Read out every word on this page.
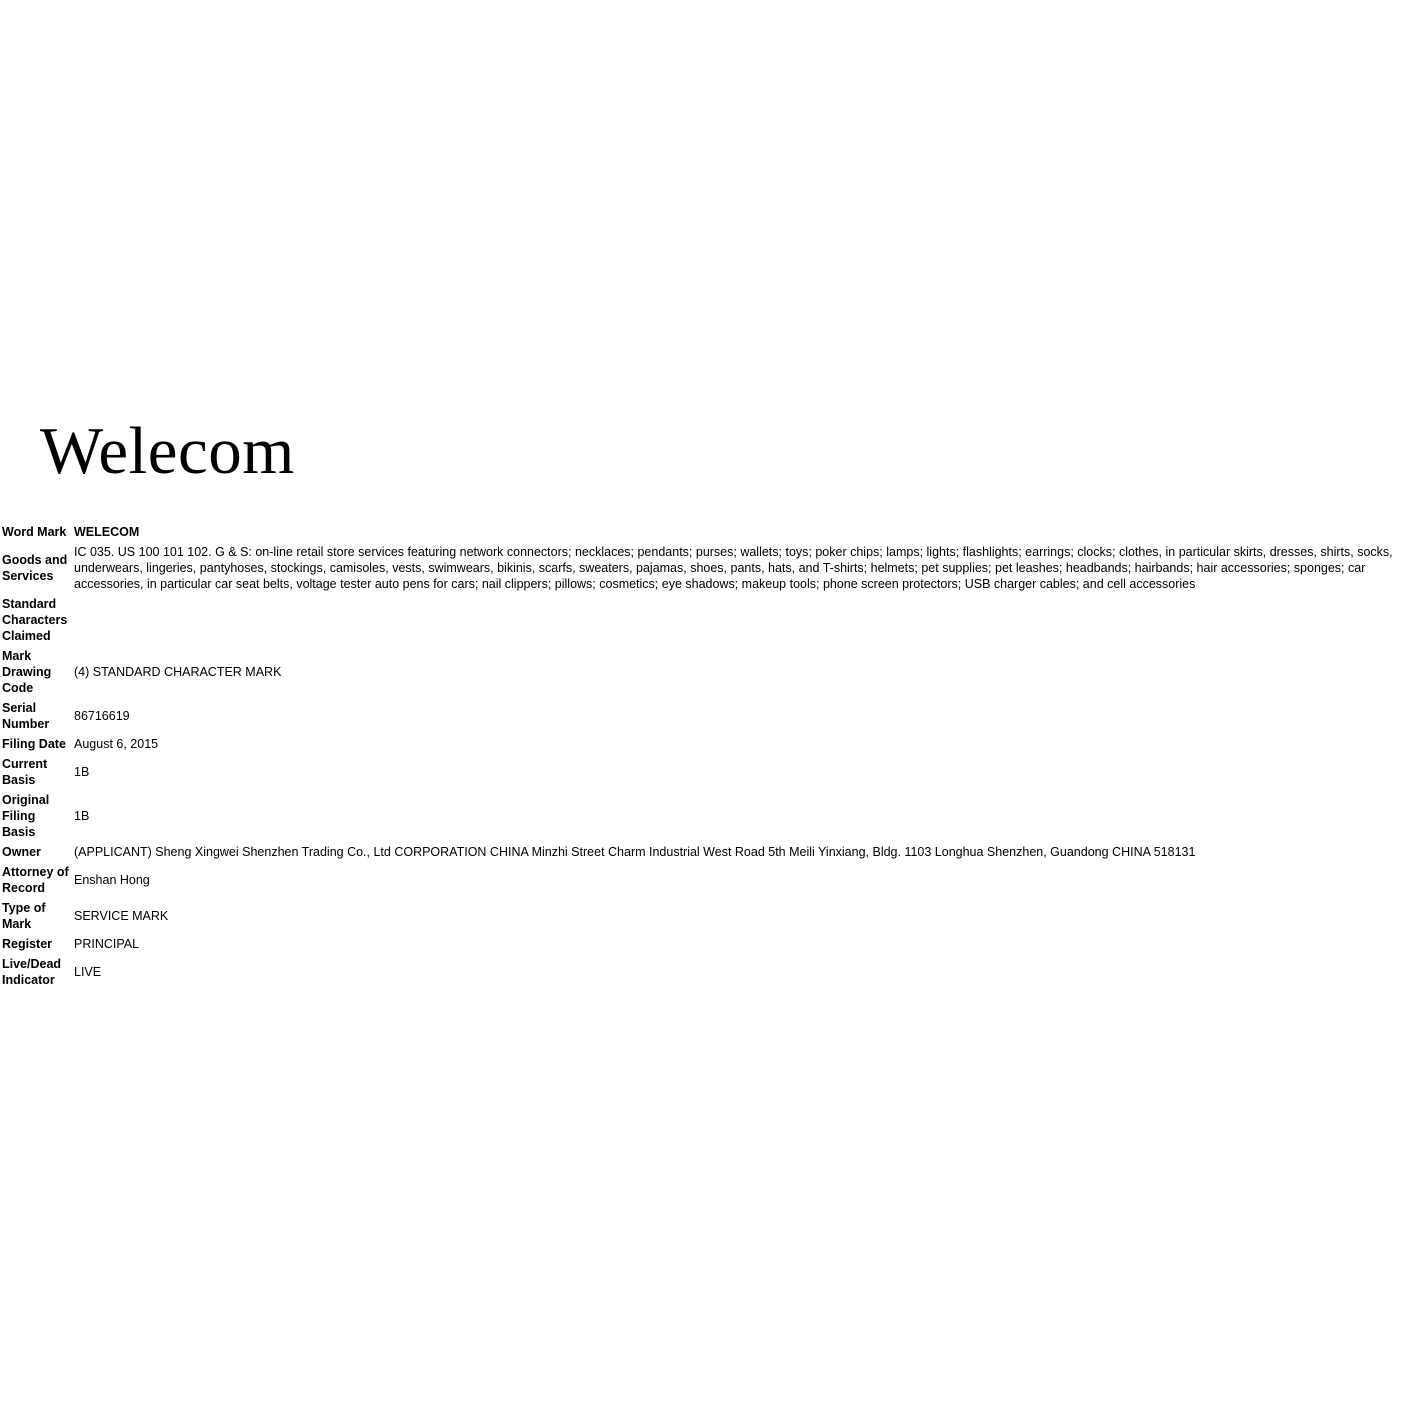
Welecom
Word Mark	WELECOM
Goods and Services	IC 035. US 100 101 102. G & S: on-line retail store services featuring network connectors; necklaces; pendants; purses; wallets; toys; poker chips; lamps; lights; flashlights; earrings; clocks; clothes, in particular skirts, dresses, shirts, socks, underwears, lingeries, pantyhoses, stockings, camisoles, vests, swimwears, bikinis, scarfs, sweaters, pajamas, shoes, pants, hats, and T-shirts; helmets; pet supplies; pet leashes; headbands; hairbands; hair accessories; sponges; car accessories, in particular car seat belts, voltage tester auto pens for cars; nail clippers; pillows; cosmetics; eye shadows; makeup tools; phone screen protectors; USB charger cables; and cell accessories
Standard Characters Claimed	
Mark Drawing Code	(4) STANDARD CHARACTER MARK
Serial Number	86716619
Filing Date	August 6, 2015
Current Basis	1B
Original Filing Basis	1B
Owner	(APPLICANT) Sheng Xingwei Shenzhen Trading Co., Ltd CORPORATION CHINA Minzhi Street Charm Industrial West Road 5th Meili Yinxiang, Bldg. 1103 Longhua Shenzhen, Guandong CHINA 518131
Attorney of Record	Enshan Hong
Type of Mark	SERVICE MARK
Register	PRINCIPAL
Live/Dead Indicator	LIVE
